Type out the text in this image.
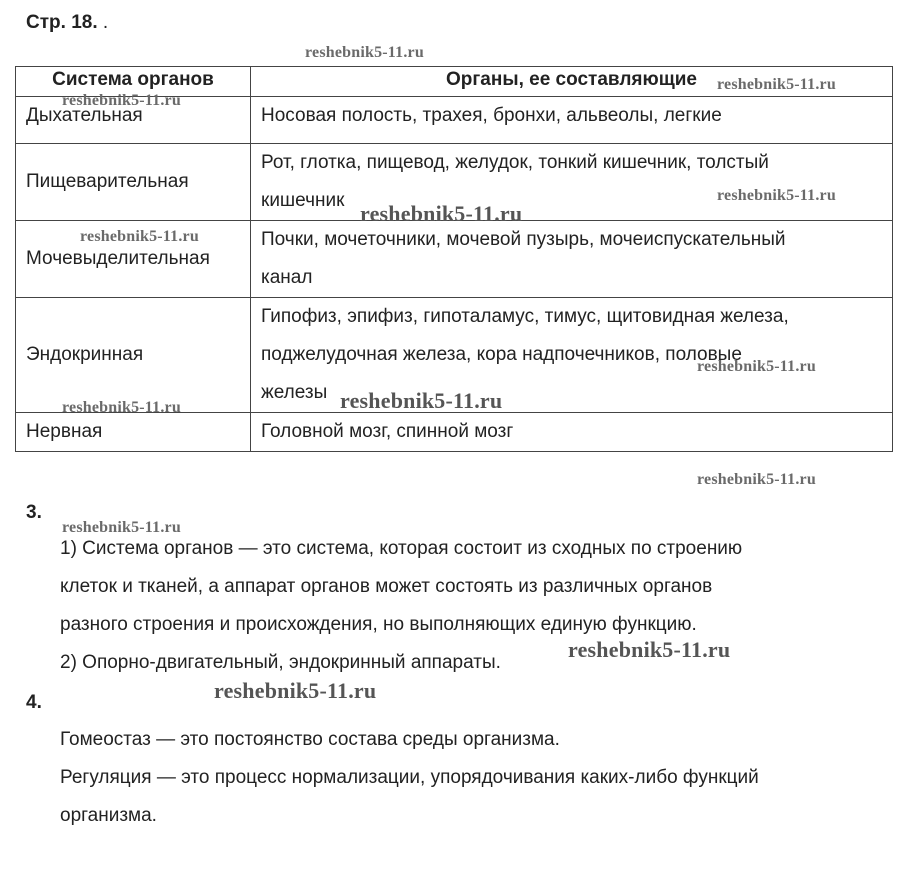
Стр. 18. .
Система органов	Органы, ее составляющие
Дыхательная	Носовая полость, трахея, бронхи, альвеолы, легкие

Пищеварительная	Рот, глотка, пищевод, желудок, тонкий кишечник, толстый
кишечник

Мочевыделительная	Почки, мочеточники, мочевой пузырь, мочеиспускательный
канал

Эндокринная	Гипофиз, эпифиз, гипоталамус, тимус, щитовидная железа,
поджелудочная железа, кора надпочечников, половые
железы

Нервная	Головной мозг, спинной мозг
3.
1) Система органов — это система, которая состоит из сходных по строению
клеток и тканей, а аппарат органов может состоять из различных органов
разного строения и происхождения, но выполняющих единую функцию.
2) Опорно-двигательный, эндокринный аппараты.
4.
Гомеостаз — это постоянство состава среды организма.
Регуляция — это процесс нормализации, упорядочивания каких-либо функций
организма.
reshebnik5-11.ru
reshebnik5-11.ru
reshebnik5-11.ru
reshebnik5-11.ru
reshebnik5-11.ru
reshebnik5-11.ru
reshebnik5-11.ru
reshebnik5-11.ru
reshebnik5-11.ru
reshebnik5-11.ru
reshebnik5-11.ru
reshebnik5-11.ru
reshebnik5-11.ru
